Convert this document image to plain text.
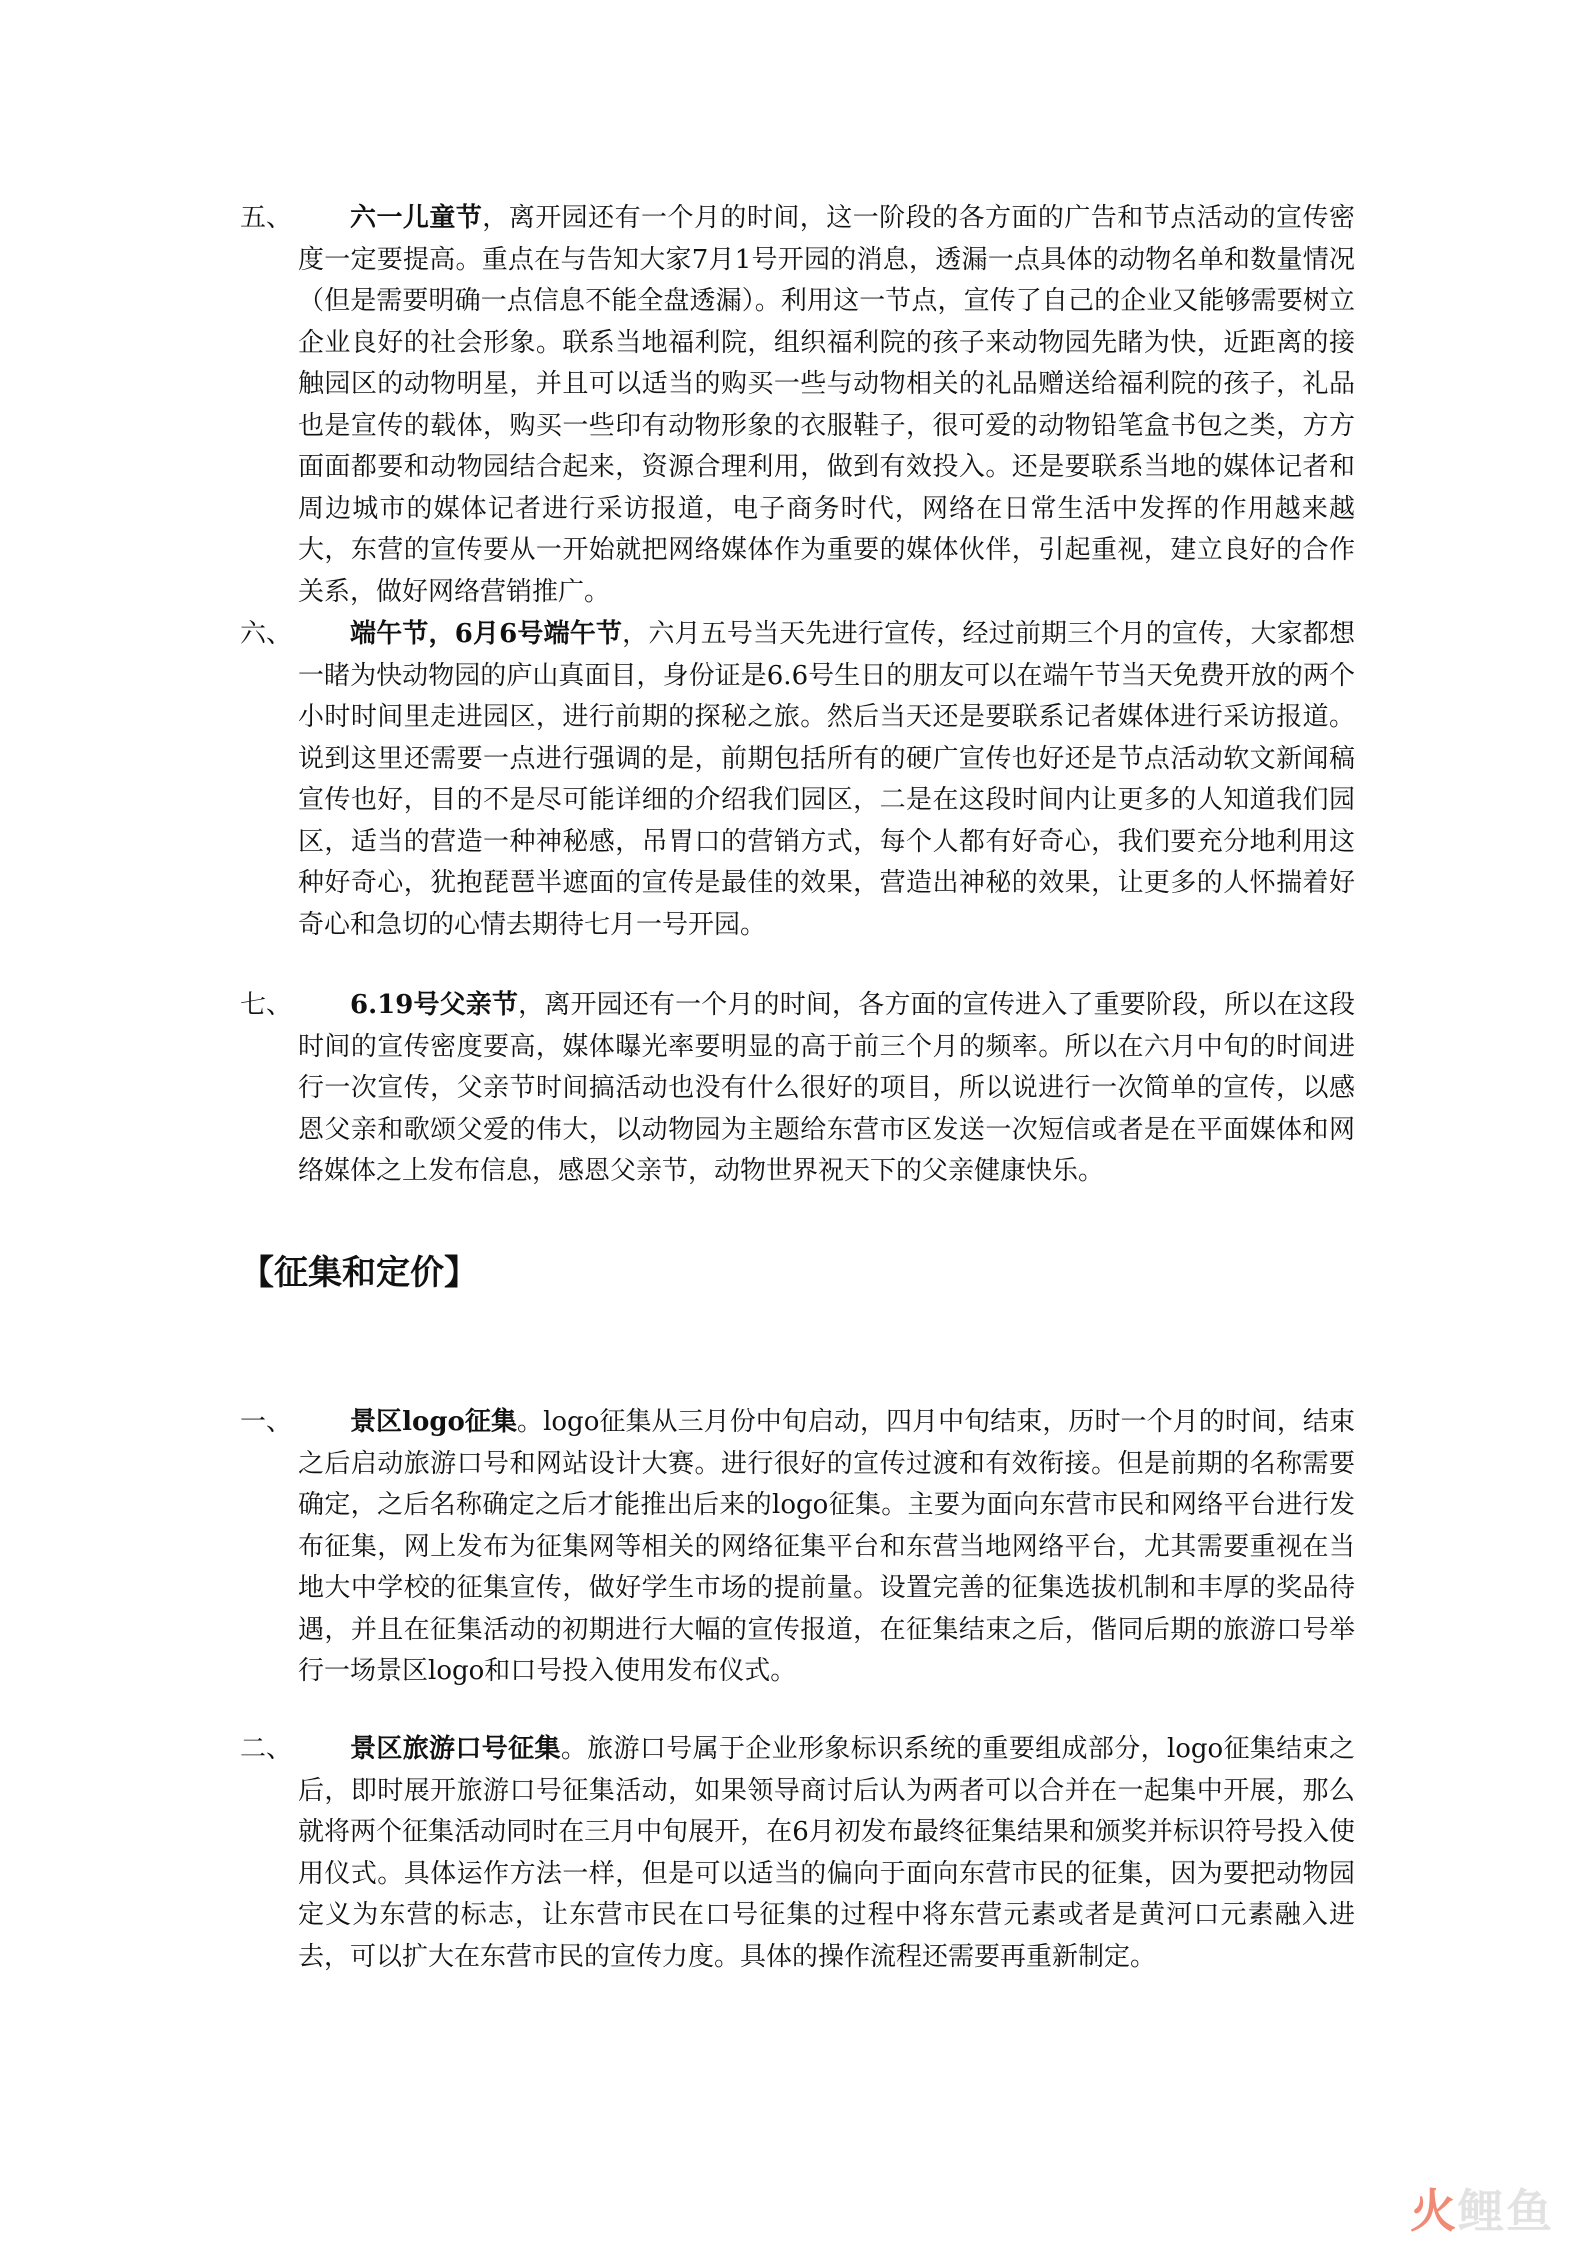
五、	六一儿童节，离开园还有一个月的时间，这一阶段的各方面的广告和节点活动的宣传密度一定要提高。重点在与告知大家7月1号开园的消息，透漏一点具体的动物名单和数量情况（但是需要明确一点信息不能全盘透漏）。利用这一节点，宣传了自己的企业又能够需要树立企业良好的社会形象。联系当地福利院，组织福利院的孩子来动物园先睹为快，近距离的接触园区的动物明星，并且可以适当的购买一些与动物相关的礼品赠送给福利院的孩子，礼品也是宣传的载体，购买一些印有动物形象的衣服鞋子，很可爱的动物铅笔盒书包之类，方方面面都要和动物园结合起来，资源合理利用，做到有效投入。还是要联系当地的媒体记者和周边城市的媒体记者进行采访报道，电子商务时代，网络在日常生活中发挥的作用越来越大，东营的宣传要从一开始就把网络媒体作为重要的媒体伙伴，引起重视，建立良好的合作关系，做好网络营销推广。
六、	端午节，6月6号端午节，六月五号当天先进行宣传，经过前期三个月的宣传，大家都想一睹为快动物园的庐山真面目，身份证是6.6号生日的朋友可以在端午节当天免费开放的两个小时时间里走进园区，进行前期的探秘之旅。然后当天还是要联系记者媒体进行采访报道。说到这里还需要一点进行强调的是，前期包括所有的硬广宣传也好还是节点活动软文新闻稿宣传也好，目的不是尽可能详细的介绍我们园区，二是在这段时间内让更多的人知道我们园区，适当的营造一种神秘感，吊胃口的营销方式，每个人都有好奇心，我们要充分地利用这种好奇心，犹抱琵琶半遮面的宣传是最佳的效果，营造出神秘的效果，让更多的人怀揣着好奇心和急切的心情去期待七月一号开园。
七、	6.19号父亲节，离开园还有一个月的时间，各方面的宣传进入了重要阶段，所以在这段时间的宣传密度要高，媒体曝光率要明显的高于前三个月的频率。所以在六月中旬的时间进行一次宣传，父亲节时间搞活动也没有什么很好的项目，所以说进行一次简单的宣传，以感恩父亲和歌颂父爱的伟大，以动物园为主题给东营市区发送一次短信或者是在平面媒体和网络媒体之上发布信息，感恩父亲节，动物世界祝天下的父亲健康快乐。
【征集和定价】
一、	景区logo征集。logo征集从三月份中旬启动，四月中旬结束，历时一个月的时间，结束之后启动旅游口号和网站设计大赛。进行很好的宣传过渡和有效衔接。但是前期的名称需要确定，之后名称确定之后才能推出后来的logo征集。主要为面向东营市民和网络平台进行发布征集，网上发布为征集网等相关的网络征集平台和东营当地网络平台，尤其需要重视在当地大中学校的征集宣传，做好学生市场的提前量。设置完善的征集选拔机制和丰厚的奖品待遇，并且在征集活动的初期进行大幅的宣传报道，在征集结束之后，偕同后期的旅游口号举行一场景区logo和口号投入使用发布仪式。
二、	景区旅游口号征集。旅游口号属于企业形象标识系统的重要组成部分，logo征集结束之后，即时展开旅游口号征集活动，如果领导商讨后认为两者可以合并在一起集中开展，那么就将两个征集活动同时在三月中旬展开，在6月初发布最终征集结果和颁奖并标识符号投入使用仪式。具体运作方法一样，但是可以适当的偏向于面向东营市民的征集，因为要把动物园定义为东营的标志，让东营市民在口号征集的过程中将东营元素或者是黄河口元素融入进去，可以扩大在东营市民的宣传力度。具体的操作流程还需要再重新制定。
火鲤鱼
